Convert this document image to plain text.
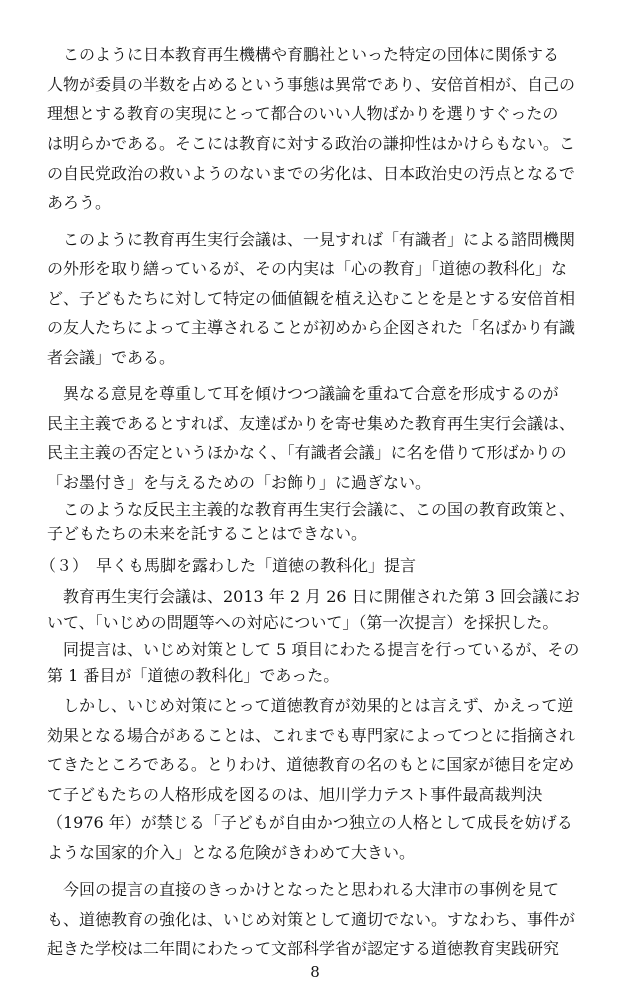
　このように日本教育再生機構や育鵬社といった特定の団体に関係する
人物が委員の半数を占めるという事態は異常であり、安倍首相が、自己の
理想とする教育の実現にとって都合のいい人物ばかりを選りすぐったの
は明らかである。そこには教育に対する政治の謙抑性はかけらもない。こ
の自民党政治の救いようのないまでの劣化は、日本政治史の汚点となるで
あろう。
　このように教育再生実行会議は、一見すれば「有識者」による諮問機関
の外形を取り繕っているが、その内実は「心の教育」「道徳の教科化」な
ど、子どもたちに対して特定の価値観を植え込むことを是とする安倍首相
の友人たちによって主導されることが初めから企図された「名ばかり有識
者会議」である。
　異なる意見を尊重して耳を傾けつつ議論を重ねて合意を形成するのが
民主主義であるとすれば、友達ばかりを寄せ集めた教育再生実行会議は、
民主主義の否定というほかなく、「有識者会議」に名を借りて形ばかりの
「お墨付き」を与えるための「お飾り」に過ぎない。
　このような反民主主義的な教育再生実行会議に、この国の教育政策と、
子どもたちの未来を託することはできない。
（３）　早くも馬脚を露わした「道徳の教科化」提言
　教育再生実行会議は、2013 年 2 月 26 日に開催された第 3 回会議にお
いて、「いじめの問題等への対応について」（第一次提言）を採択した。
　同提言は、いじめ対策として 5 項目にわたる提言を行っているが、その
第 1 番目が「道徳の教科化」であった。
　しかし、いじめ対策にとって道徳教育が効果的とは言えず、かえって逆
効果となる場合があることは、これまでも専門家によってつとに指摘され
てきたところである。とりわけ、道徳教育の名のもとに国家が徳目を定め
て子どもたちの人格形成を図るのは、旭川学力テスト事件最高裁判決
（1976 年）が禁じる「子どもが自由かつ独立の人格として成長を妨げる
ような国家的介入」となる危険がきわめて大きい。
　今回の提言の直接のきっかけとなったと思われる大津市の事例を見て
も、道徳教育の強化は、いじめ対策として適切でない。すなわち、事件が
起きた学校は二年間にわたって文部科学省が認定する道徳教育実践研究
8
